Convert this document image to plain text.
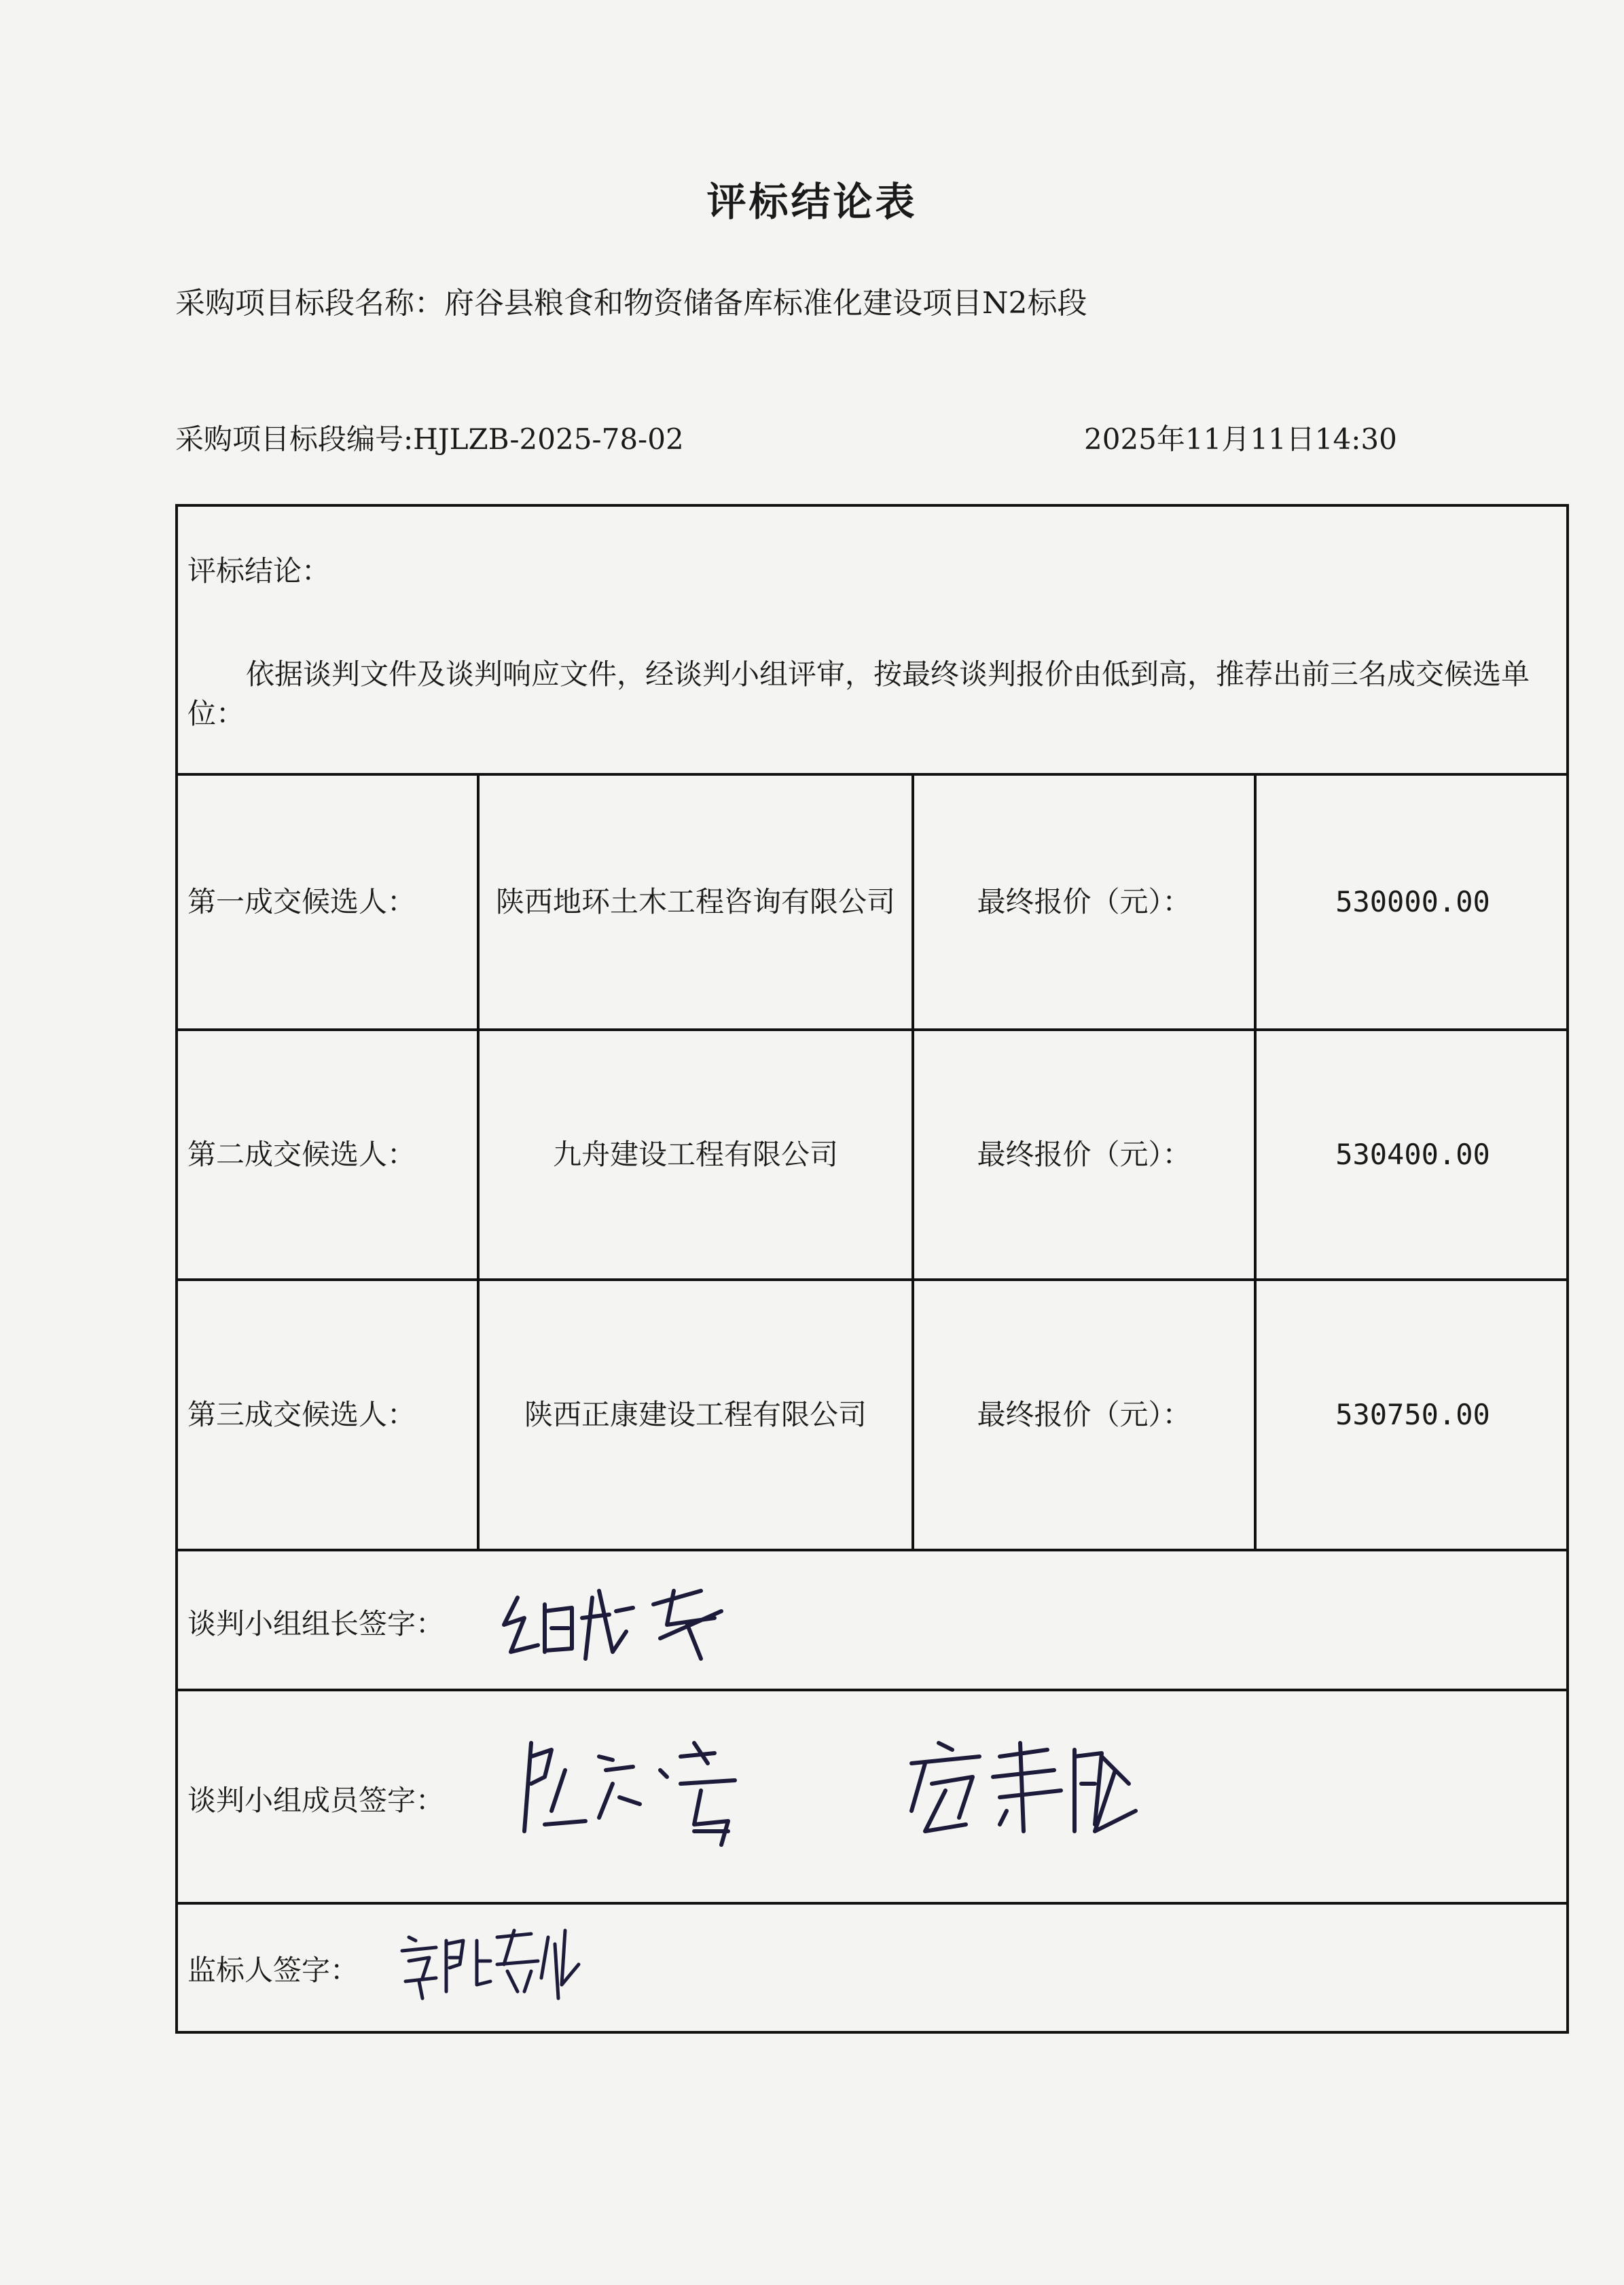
评标结论表
采购项目标段名称：府谷县粮食和物资储备库标准化建设项目N2标段
采购项目标段编号:HJLZB-2025-78-02	2025年11月11日14:30
评标结论：
依据谈判文件及谈判响应文件，经谈判小组评审，按最终谈判报价由低到高，推荐出前三名成交候选单位：
第一成交候选人：	陕西地环土木工程咨询有限公司	最终报价（元）：	530000.00
第二成交候选人：	九舟建设工程有限公司	最终报价（元）：	530400.00
第三成交候选人：	陕西正康建设工程有限公司	最终报价（元）：	530750.00
谈判小组组长签字：
谈判小组成员签字：
监标人签字：
